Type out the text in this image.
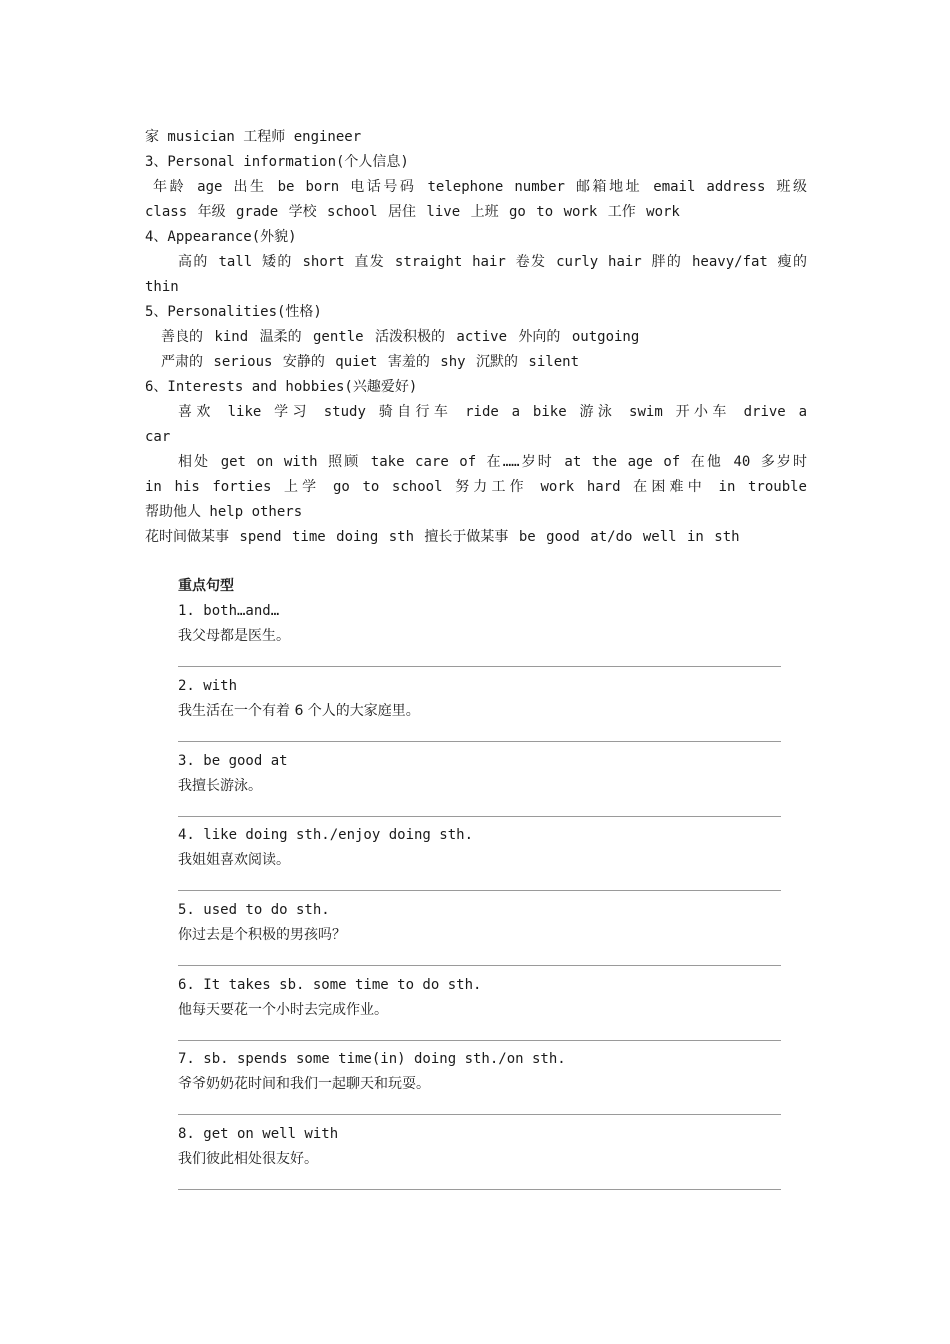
家 musician 工程师 engineer
3、Personal information(个人信息)
年龄 age 出生 be born 电话号码 telephone number 邮箱地址 email address 班级
class 年级 grade 学校 school 居住 live 上班 go to work 工作 work
4、Appearance(外貌)
高的 tall 矮的 short 直发 straight hair 卷发 curly hair 胖的 heavy/fat 瘦的
thin
5、Personalities(性格)
善良的 kind 温柔的 gentle 活泼积极的 active 外向的 outgoing
严肃的 serious 安静的 quiet 害羞的 shy 沉默的 silent
6、Interests and hobbies(兴趣爱好)
喜欢 like 学习 study 骑自行车 ride a bike 游泳 swim 开小车 drive a
car
相处 get on with 照顾 take care of 在……岁时 at the age of 在他 40 多岁时
in his forties 上学 go to school 努力工作 work hard 在困难中 in trouble
帮助他人 help others
花时间做某事 spend time doing sth 擅长于做某事 be good at/do well in sth
重点句型
1. both…and…
我父母都是医生。
2. with
我生活在一个有着 6 个人的大家庭里。
3. be good at
我擅长游泳。
4. like doing sth./enjoy doing sth.
我姐姐喜欢阅读。
5. used to do sth.
你过去是个积极的男孩吗？
6. It takes sb. some time to do sth.
他每天要花一个小时去完成作业。
7. sb. spends some time(in) doing sth./on sth.
爷爷奶奶花时间和我们一起聊天和玩耍。
8. get on well with
我们彼此相处很友好。
